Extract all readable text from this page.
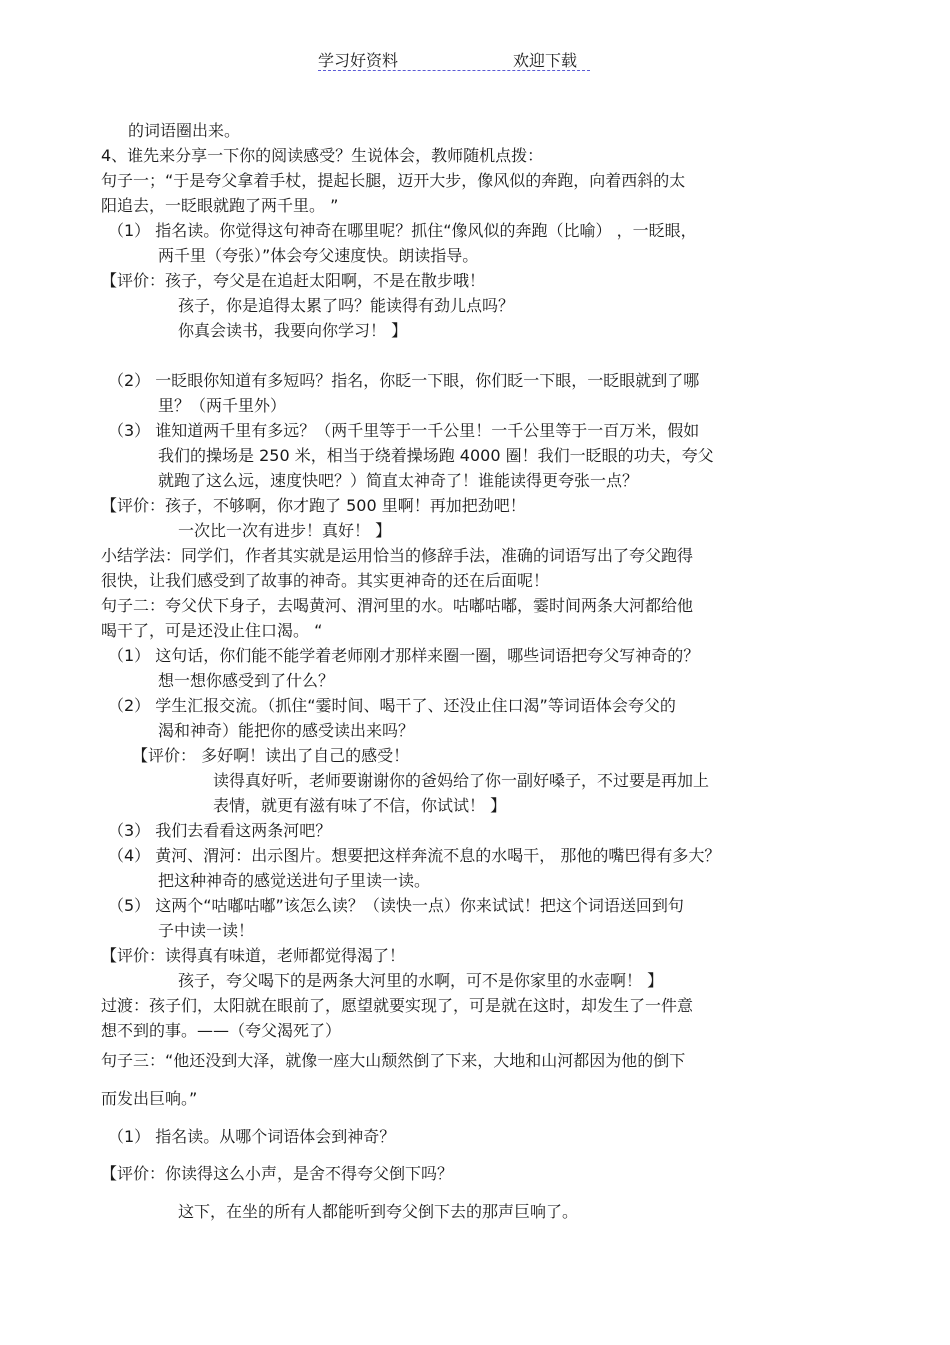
学习好资料	欢迎下载
的词语圈出来。
4、谁先来分享一下你的阅读感受？生说体会，教师随机点拨：
句子一；“于是夸父拿着手杖，提起长腿，迈开大步，像风似的奔跑，向着西斜的太
阳追去，一眨眼就跑了两千里。 ”
（1） 指名读。你觉得这句神奇在哪里呢？抓住“像风似的奔跑（比喻） ，一眨眼，
两千里（夸张）”体会夸父速度快。朗读指导。
【评价：孩子，夸父是在追赶太阳啊，不是在散步哦！
孩子，你是追得太累了吗？能读得有劲儿点吗？
你真会读书，我要向你学习！ 】
（2） 一眨眼你知道有多短吗？指名，你眨一下眼，你们眨一下眼，一眨眼就到了哪
里？（两千里外）
（3） 谁知道两千里有多远？（两千里等于一千公里！一千公里等于一百万米，假如
我们的操场是 250 米，相当于绕着操场跑 4000 圈！我们一眨眼的功夫，夸父
就跑了这么远，速度快吧？）简直太神奇了！谁能读得更夸张一点？
【评价：孩子，不够啊，你才跑了 500 里啊！再加把劲吧！
一次比一次有进步！真好！ 】
小结学法：同学们，作者其实就是运用恰当的修辞手法，准确的词语写出了夸父跑得
很快，让我们感受到了故事的神奇。其实更神奇的还在后面呢！
句子二：夸父伏下身子，去喝黄河、渭河里的水。咕嘟咕嘟，霎时间两条大河都给他
喝干了，可是还没止住口渴。 “
（1） 这句话，你们能不能学着老师刚才那样来圈一圈，哪些词语把夸父写神奇的？
想一想你感受到了什么？
（2） 学生汇报交流。（抓住“霎时间、喝干了、还没止住口渴”等词语体会夸父的
渴和神奇）能把你的感受读出来吗？
【评价： 多好啊！读出了自己的感受！
读得真好听，老师要谢谢你的爸妈给了你一副好嗓子，不过要是再加上
表情，就更有滋有味了不信，你试试！ 】
（3） 我们去看看这两条河吧？
（4） 黄河、渭河：出示图片。想要把这样奔流不息的水喝干， 那他的嘴巴得有多大？
把这种神奇的感觉送进句子里读一读。
（5） 这两个“咕嘟咕嘟”该怎么读？（读快一点）你来试试！把这个词语送回到句
子中读一读！
【评价：读得真有味道，老师都觉得渴了！
孩子，夸父喝下的是两条大河里的水啊，可不是你家里的水壶啊！ 】
过渡：孩子们，太阳就在眼前了，愿望就要实现了，可是就在这时，却发生了一件意
想不到的事。——（夸父渴死了）
句子三：“他还没到大泽，就像一座大山颓然倒了下来，大地和山河都因为他的倒下
而发出巨响。”
（1） 指名读。从哪个词语体会到神奇？
【评价：你读得这么小声，是舍不得夸父倒下吗？
这下，在坐的所有人都能听到夸父倒下去的那声巨响了。
